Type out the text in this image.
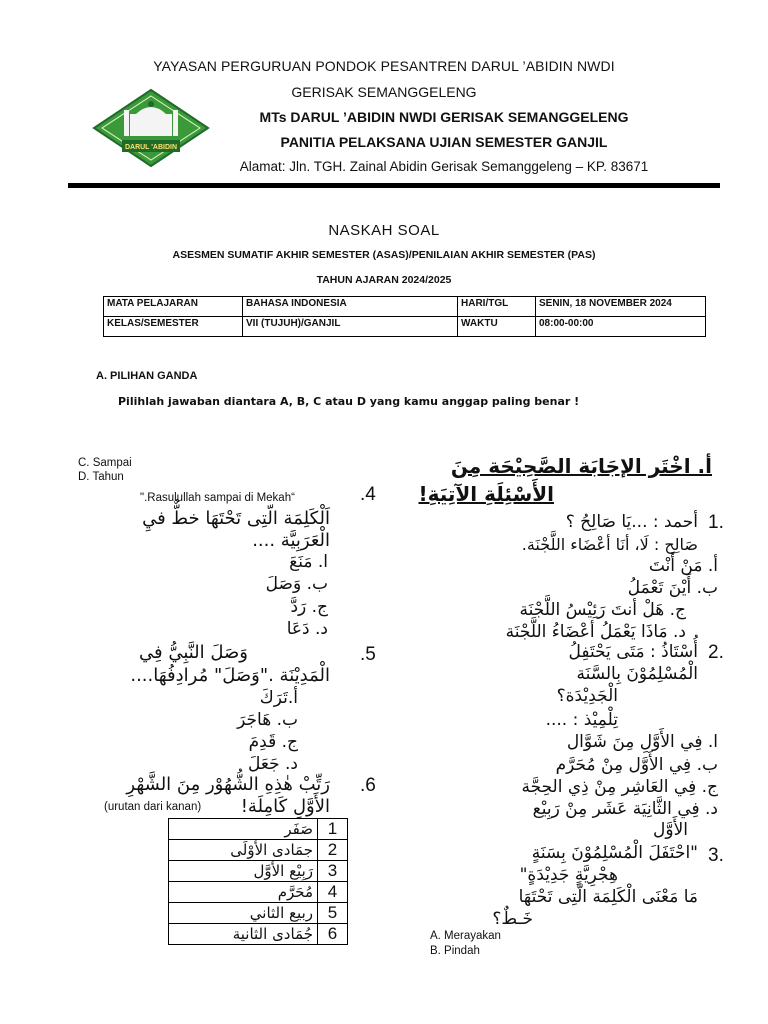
YAYASAN PERGURUAN PONDOK PESANTREN DARUL ’ABIDIN NWDI
GERISAK SEMANGGELENG
DARUL 'ABIDIN
MTs DARUL ’ABIDIN NWDI GERISAK SEMANGGELENG
PANITIA PELAKSANA UJIAN SEMESTER GANJIL
Alamat: Jln. TGH. Zainal Abidin Gerisak Semanggeleng – KP. 83671
NASKAH SOAL
ASESMEN SUMATIF AKHIR SEMESTER (ASAS)/PENILAIAN AKHIR SEMESTER (PAS)
TAHUN AJARAN 2024/2025
MATA PELAJARAN	BAHASA INDONESIA	HARI/TGL	SENIN, 18 NOVEMBER 2024
KELAS/SEMESTER	VII (TUJUH)/GANJIL	WAKTU	08:00-00:00
A. PILIHAN GANDA
Pilihlah jawaban diantara A, B, C atau D yang kamu anggap paling benar !
C. Sampai
D. Tahun
.4
".Rasulullah sampai di Mekah“
اَلْكَلِمَة الّتِى تَحْتَهَا خطٌّ فيِ
الْعَرَبِيَّة ....
ا. مَنَعَ
ب. وَصَلَ
ج. رَدَّ
د. دَعَا
.5
وَصَلَ النَّبِيُّ فِي
الْمَدِيْنَة ."وَصَلَ" مُرادِفُهَا....
أ.تَرَكَ
ب. هَاجَرَ
ج. قَدِمَ
د. جَعَلَ
.6
رَتِّبْ هٰذِهِ الشُّهُوْر مِنَ الشَّهْرِ
الأَوَّلِ كَامِلَة!
(urutan dari kanan)
صَفَر	1
جمَادى الأوْلَى	2
رَبِيْع الأوَّل	3
مُحَرَّم	4
ربيع الثاني	5
جُمَادى الثانية	6
أ. اخْتَر الإجَابَة الصَّحِيْحَة مِنَ
الأَسْئِلَةِ الآتِيَةِ!
1.
أحمد : ...يَا صَالِحُ ؟
صَالِح : لَا، أنَا أعْضَاء اللَّجْنَة.
أ. مَنْ أَنْتَ
ب. أَيْنَ تَعْمَلُ
ج. هَلْ أنتَ رَئِيْسُ اللَّجْنَة
د. مَاذَا يَعْمَلُ أعْضَاءُ اللَّجْنَة
2.
أُسْتَاذُ : مَتَى يَحْتَفِلُ
الْمُسْلِمُوْنَ بِالسَّنَة
الْجَدِيْدَة؟
تِلْمِيْذ : ....
ا. فِي الأَوَّلِ مِنَ شَوَّال
ب. فِي الأَوَّل مِنْ مُحَرَّم
ج. فِي العَاشِر مِنْ ذِي الحِجَّة
د. فِي الثَّانِيَة عَشَر مِنْ رَبِيْع
الأَوَّل
3.
"احْتَفَلَ الْمُسْلِمُوْنَ بِسَنَةٍ
هِجْرِيَّةٍ جَدِيْدَةٍ"
مَا مَعْنَى الْكَلِمَة الّتِى تَحْتَهَا
خَـطٌ؟
A. Merayakan
B. Pindah
